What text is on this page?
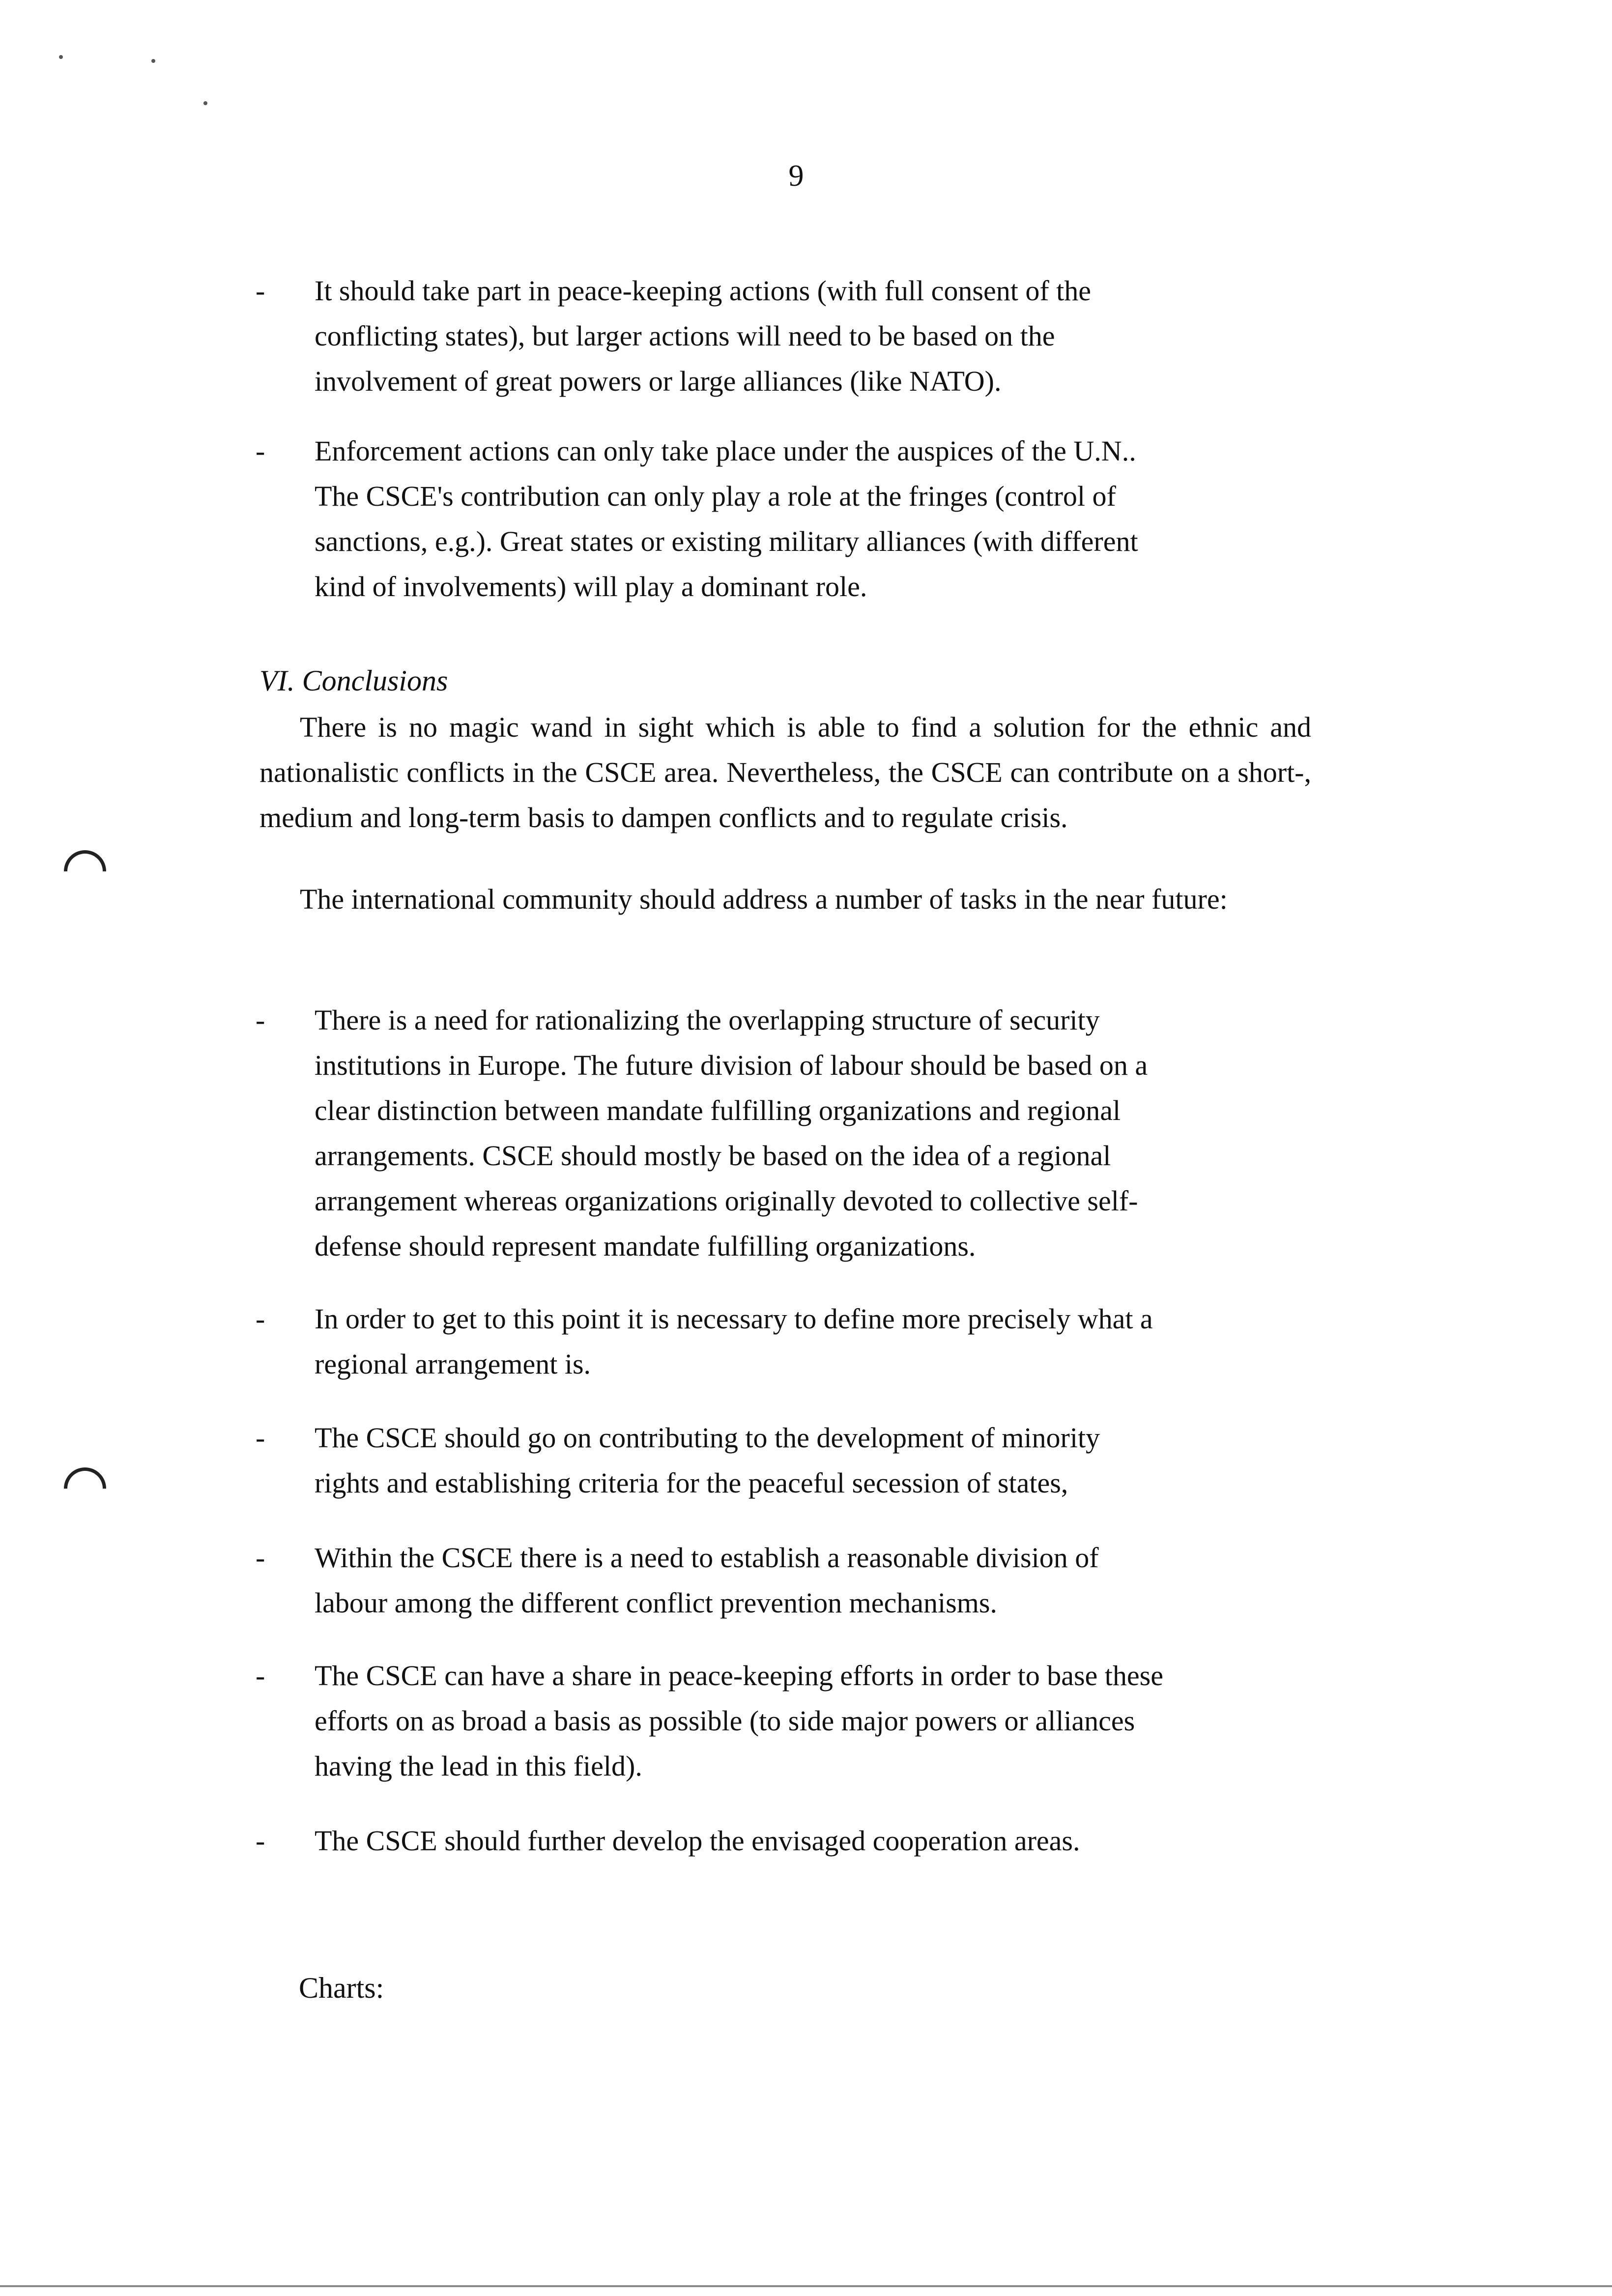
9
-	It should take part in peace-keeping actions (with full consent of the
conflicting states), but larger actions will need to be based on the
involvement of great powers or large alliances (like NATO).
-	Enforcement actions can only take place under the auspices of the U.N..
The CSCE's contribution can only play a role at the fringes (control of
sanctions, e.g.). Great states or existing military alliances (with different
kind of involvements) will play a dominant role.
VI. Conclusions
There is no magic wand in sight which is able to find a solution for the ethnic and nationalistic conflicts in the CSCE area. Nevertheless, the CSCE can contribute on a short-, medium and long-term basis to dampen conflicts and to regulate crisis.
The international community should address a number of tasks in the near future:
-	There is a need for rationalizing the overlapping structure of security
institutions in Europe. The future division of labour should be based on a
clear distinction between mandate fulfilling organizations and regional
arrangements. CSCE should mostly be based on the idea of a regional
arrangement whereas organizations originally devoted to collective self-
defense should represent mandate fulfilling organizations.
-	In order to get to this point it is necessary to define more precisely what a
regional arrangement is.
-	The CSCE should go on contributing to the development of minority
rights and establishing criteria for the peaceful secession of states,
-	Within the CSCE there is a need to establish a reasonable division of
labour among the different conflict prevention mechanisms.
-	The CSCE can have a share in peace-keeping efforts in order to base these
efforts on as broad a basis as possible (to side major powers or alliances
having the lead in this field).
-	The CSCE should further develop the envisaged cooperation areas.
Charts:
